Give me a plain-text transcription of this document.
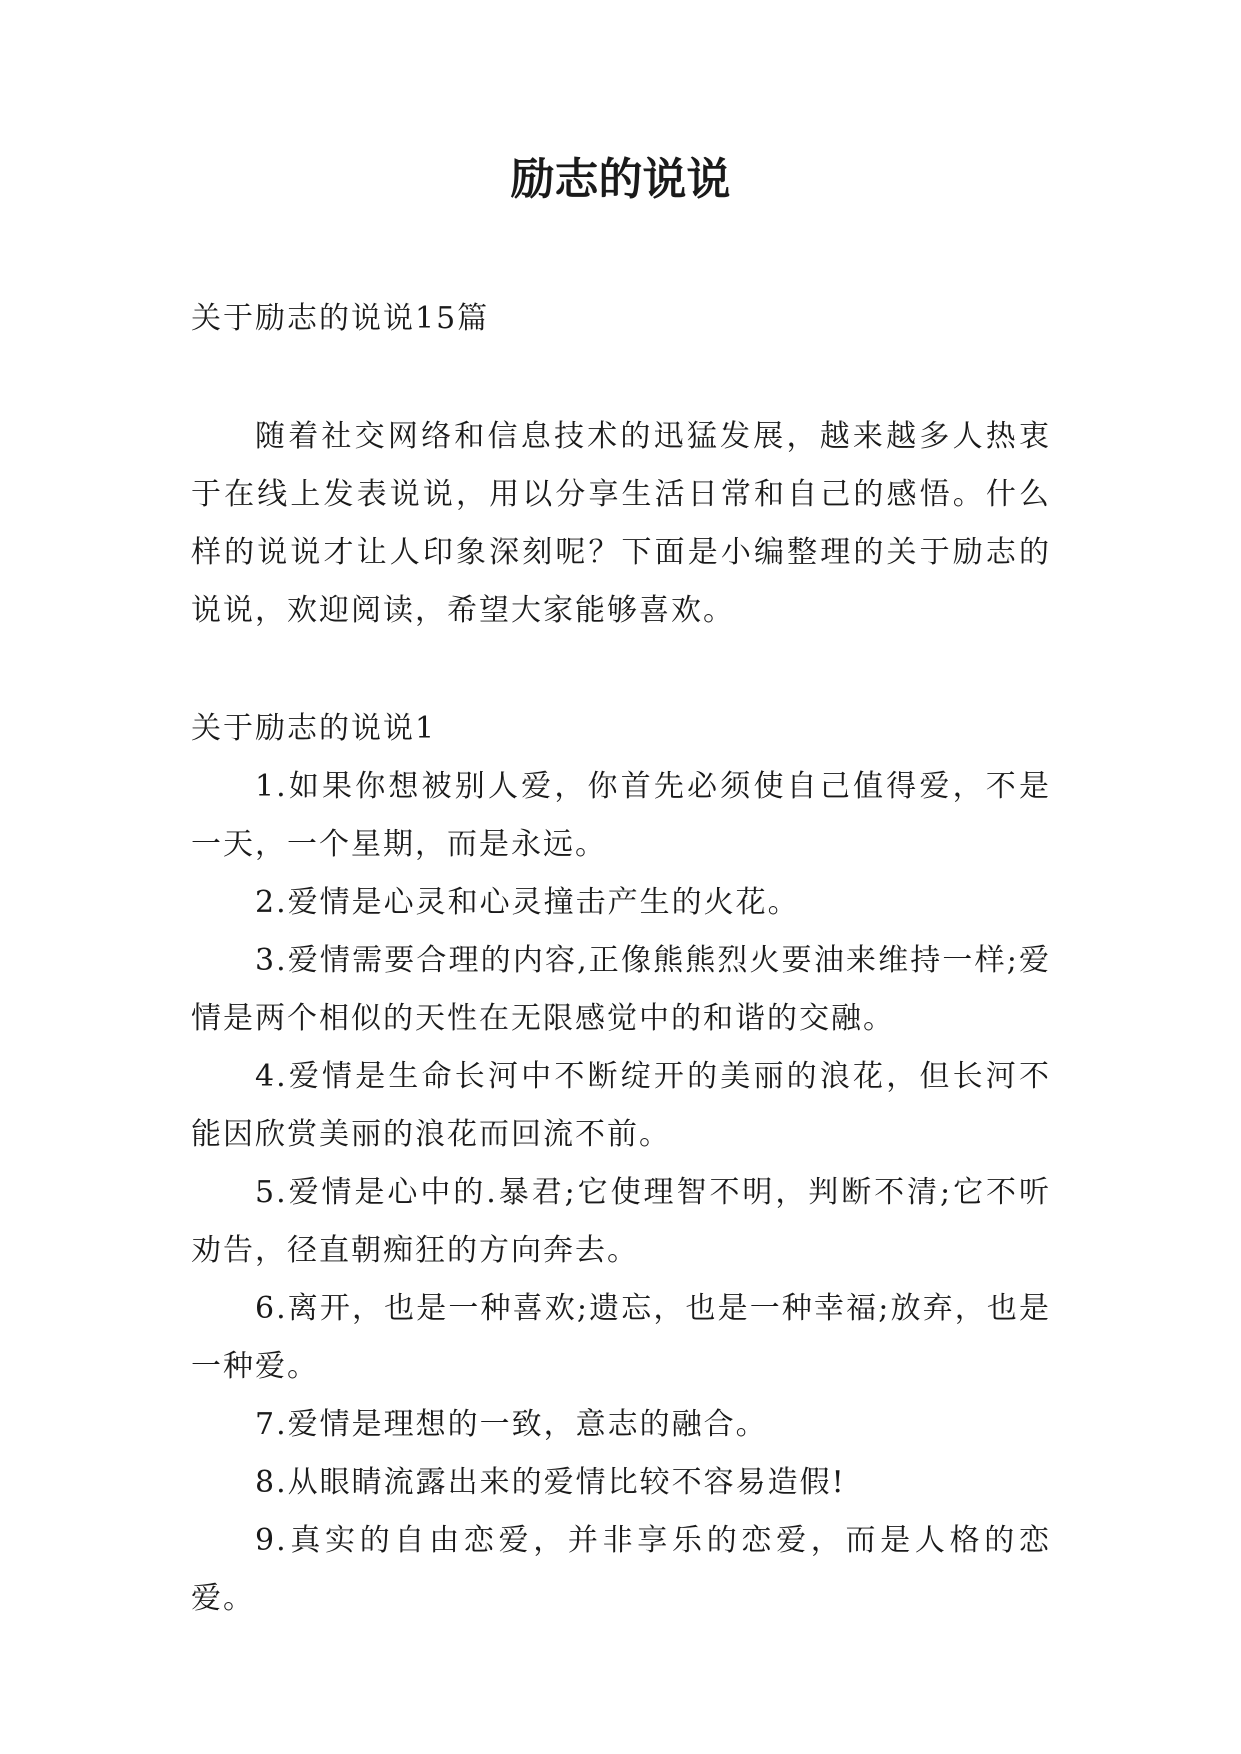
励志的说说

关于励志的说说15篇

随着社交网络和信息技术的迅猛发展，越来越多人热衷于在线上发表说说，用以分享生活日常和自己的感悟。什么样的说说才让人印象深刻呢？下面是小编整理的关于励志的说说，欢迎阅读，希望大家能够喜欢。

关于励志的说说1

1.如果你想被别人爱，你首先必须使自己值得爱，不是一天，一个星期，而是永远。

2.爱情是心灵和心灵撞击产生的火花。

3.爱情需要合理的内容,正像熊熊烈火要油来维持一样;爱情是两个相似的天性在无限感觉中的和谐的交融。

4.爱情是生命长河中不断绽开的美丽的浪花，但长河不能因欣赏美丽的浪花而回流不前。

5.爱情是心中的.暴君;它使理智不明，判断不清;它不听劝告，径直朝痴狂的方向奔去。

6.离开，也是一种喜欢;遗忘，也是一种幸福;放弃，也是一种爱。

7.爱情是理想的一致，意志的融合。

8.从眼睛流露出来的爱情比较不容易造假!

9.真实的自由恋爱，并非享乐的恋爱，而是人格的恋爱。
